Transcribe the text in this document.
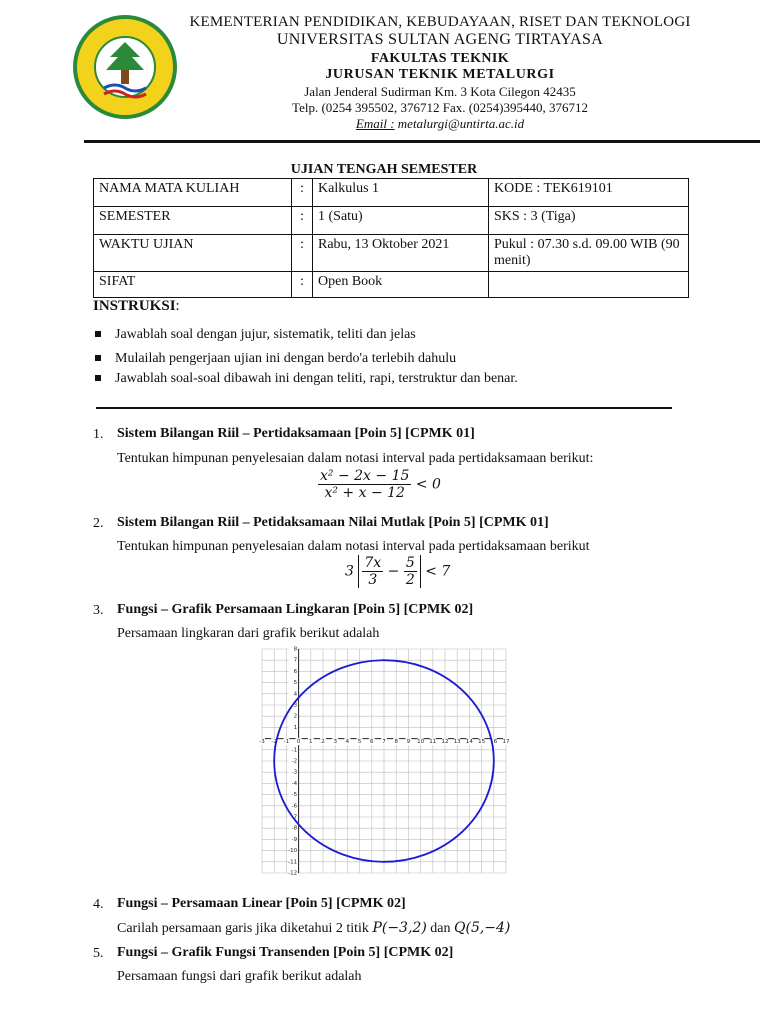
KEMENTERIAN PENDIDIKAN, KEBUDAYAAN, RISET DAN TEKNOLOGI
UNIVERSITAS SULTAN AGENG TIRTAYASA
FAKULTAS TEKNIK
JURUSAN TEKNIK METALURGI
Jalan Jenderal Sudirman Km. 3 Kota Cilegon 42435
Telp. (0254 395502, 376712 Fax. (0254)395440, 376712
Email : metalurgi@untirta.ac.id
UJIAN TENGAH SEMESTER
NAMA MATA KULIAH	:	Kalkulus 1	KODE : TEK619101
SEMESTER	:	1 (Satu)	SKS : 3 (Tiga)
WAKTU UJIAN	:	Rabu, 13 Oktober 2021	Pukul : 07.30 s.d. 09.00 WIB (90 menit)
SIFAT	:	Open Book	
INSTRUKSI:
Jawablah soal dengan jujur, sistematik, teliti dan jelas
Mulailah pengerjaan ujian ini dengan berdo'a terlebih dahulu
Jawablah soal-soal dibawah ini dengan teliti, rapi, terstruktur dan benar.
1. Sistem Bilangan Riil – Pertidaksamaan [Poin 5] [CPMK 01]
Tentukan himpunan penyelesaian dalam notasi interval pada pertidaksamaan berikut:
$\frac{\text{x² − 2x − 15}}{\text{x² + x − 12}} < 0$
2. Sistem Bilangan Riil – Petidaksamaan Nilai Mutlak [Poin 5] [CPMK 01]
Tentukan himpunan penyelesaian dalam notasi interval pada pertidaksamaan berikut
$3 \frac{7x}{3} - \frac{5}{2} < 7$
3. Fungsi – Grafik Persamaan Lingkaran [Poin 5] [CPMK 02]
Persamaan lingkaran dari grafik berikut adalah
-3 -2 -1 0 1 2 3 4 5 6 7 8 9 10 11 12 13 14 15 16 17
8
7
6
5
4
3
2
1
-1
-2
-3
-4
-5
-6
-7
-8
-9
-10
-11
-12
4. Fungsi – Persamaan Linear [Poin 5] [CPMK 02]
Carilah persamaan garis jika diketahui 2 titik P(−3,2) dan Q(5,−4)
5. Fungsi – Grafik Fungsi Transenden [Poin 5] [CPMK 02]
Persamaan fungsi dari grafik berikut adalah
